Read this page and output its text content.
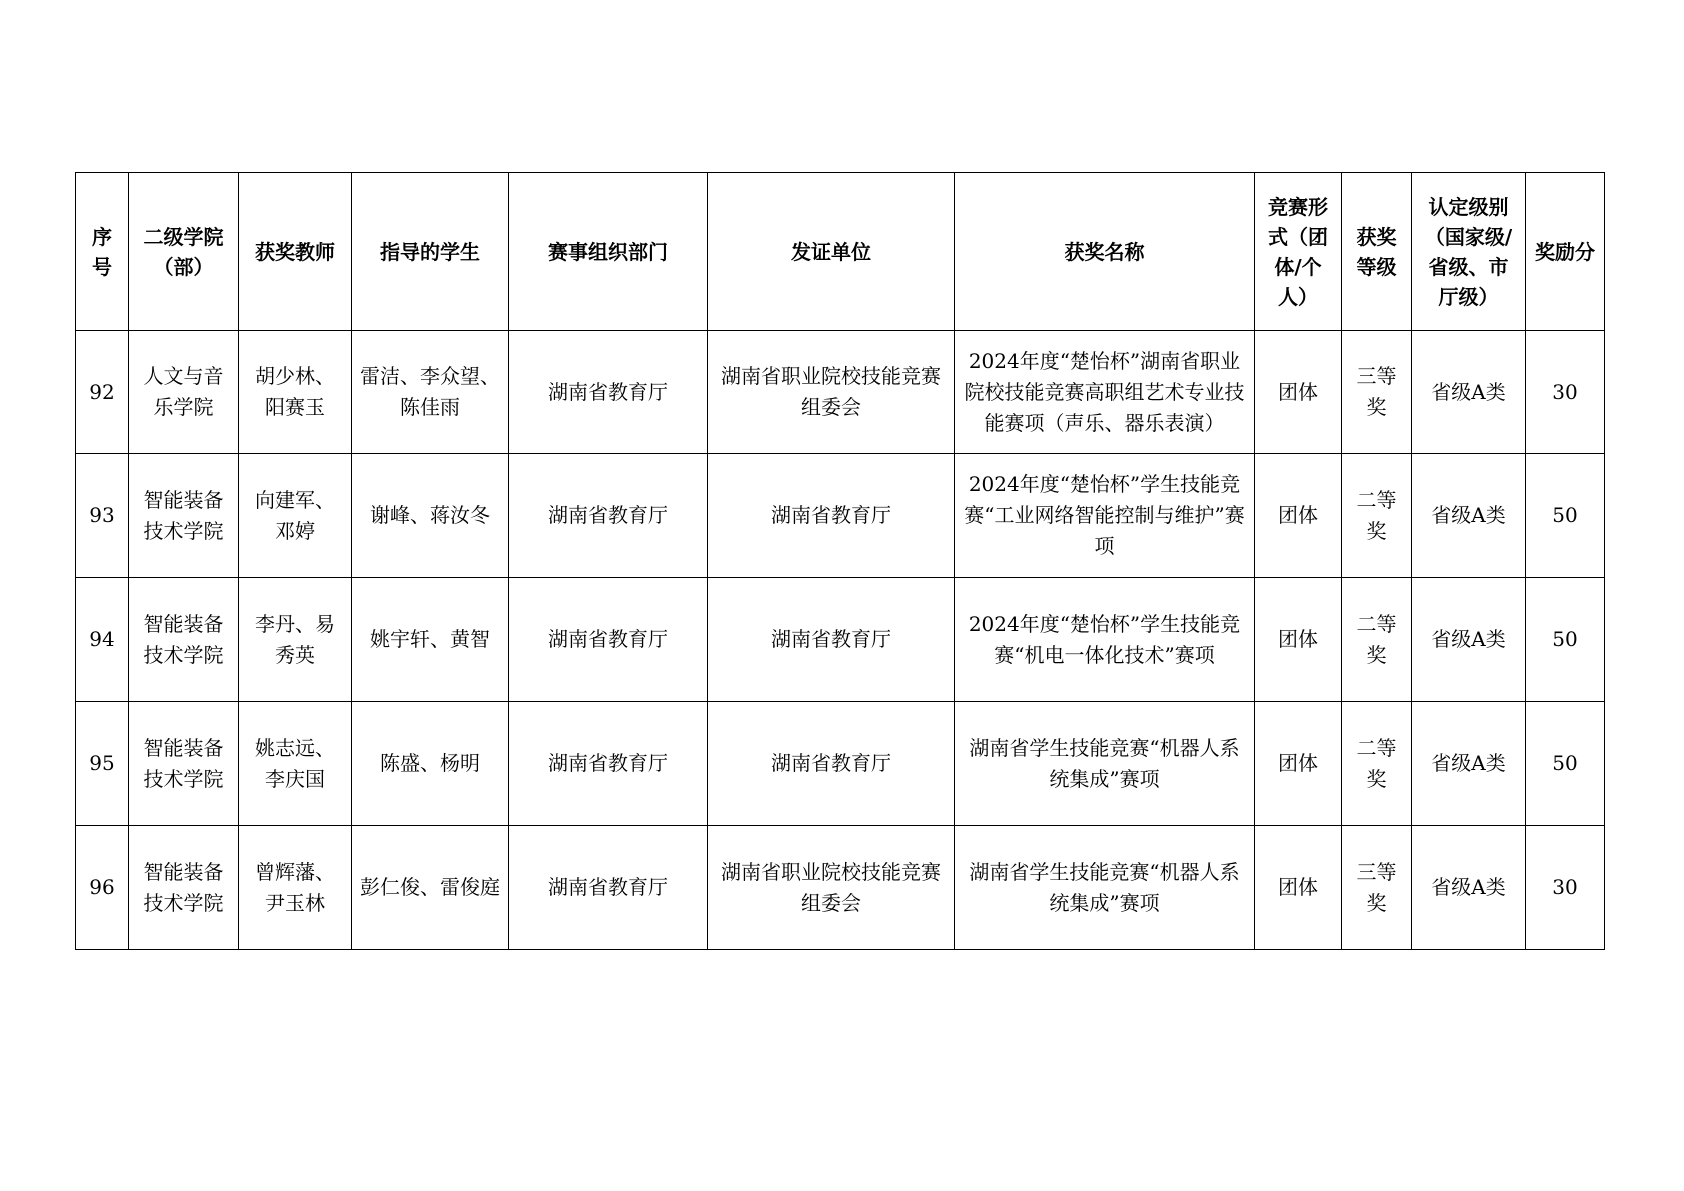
序号	二级学院（部）	获奖教师	指导的学生	赛事组织部门	发证单位	获奖名称	竞赛形式（团体/个人）	获奖等级	认定级别（国家级/省级、市厅级）	奖励分
92	人文与音乐学院	胡少林、阳赛玉	雷洁、李众望、陈佳雨	湖南省教育厅	湖南省职业院校技能竞赛组委会	2024年度“楚怡杯”湖南省职业院校技能竞赛高职组艺术专业技能赛项（声乐、器乐表演）	团体	三等奖	省级A类	30
93	智能装备技术学院	向建军、邓婷	谢峰、蒋汝冬	湖南省教育厅	湖南省教育厅	2024年度“楚怡杯”学生技能竞赛“工业网络智能控制与维护”赛项	团体	二等奖	省级A类	50
94	智能装备技术学院	李丹、易秀英	姚宇轩、黄智	湖南省教育厅	湖南省教育厅	2024年度“楚怡杯”学生技能竞赛“机电一体化技术”赛项	团体	二等奖	省级A类	50
95	智能装备技术学院	姚志远、李庆国	陈盛、杨明	湖南省教育厅	湖南省教育厅	湖南省学生技能竞赛“机器人系统集成”赛项	团体	二等奖	省级A类	50
96	智能装备技术学院	曾辉藩、尹玉林	彭仁俊、雷俊庭	湖南省教育厅	湖南省职业院校技能竞赛组委会	湖南省学生技能竞赛“机器人系统集成”赛项	团体	三等奖	省级A类	30
